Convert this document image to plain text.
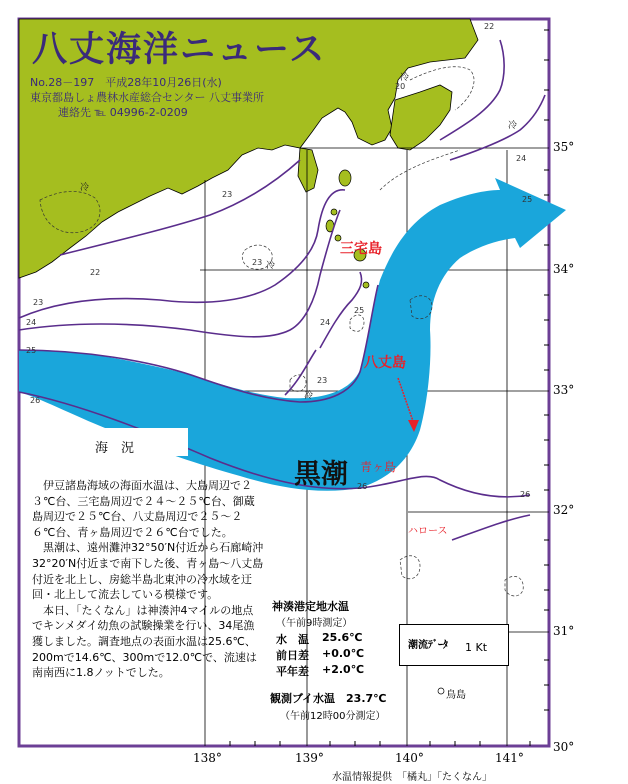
八丈海洋ニュース
No.28－197　平成28年10月26日(水)
東京都島しょ農林水産総合センター 八丈事業所
連絡先 ℡ 04996-2-0209
35°
34°
33°
32°
31°
30°
138°	139°	140°	141°
22
23
24
25
26
23
24
25
23
26
26
22
20
24
25
23
冷
冷
冷
冷
冷
三宅島
八丈島
青ヶ島
ハロース
鳥島
黒潮
海　況

伊豆諸島海域の海面水温は、大島周辺で２３℃台、三宅島周辺で２４～２５℃台、御蔵島周辺で２５℃台、八丈島周辺で２５～２６℃台、青ヶ島周辺で２６℃台でした。

黒潮は、遠州灘沖32°50′N付近から石廊崎沖32°20′N付近まで南下した後、青ヶ島～八丈島付近を北上し、房総半島北東沖の冷水域を迂回・北上して流去している模様です。

本日、「たくなん」は神湊沖4マイルの地点でキンメダイ幼魚の試験操業を行い、34尾漁獲しました。調査地点の表面水温は25.6℃、200mで14.6℃、300mで12.0℃で、流速は南南西に1.8ノットでした。

神湊港定地水温
（午前9時測定）
水　温 25.6℃
前日差 +0.0℃
平年差 +2.0℃
観測ブイ水温　23.7℃
（午前12時00分測定）
潮流ﾃﾞｰﾀ 1 Kt
水温情報提供　「橘丸」「たくなん」
